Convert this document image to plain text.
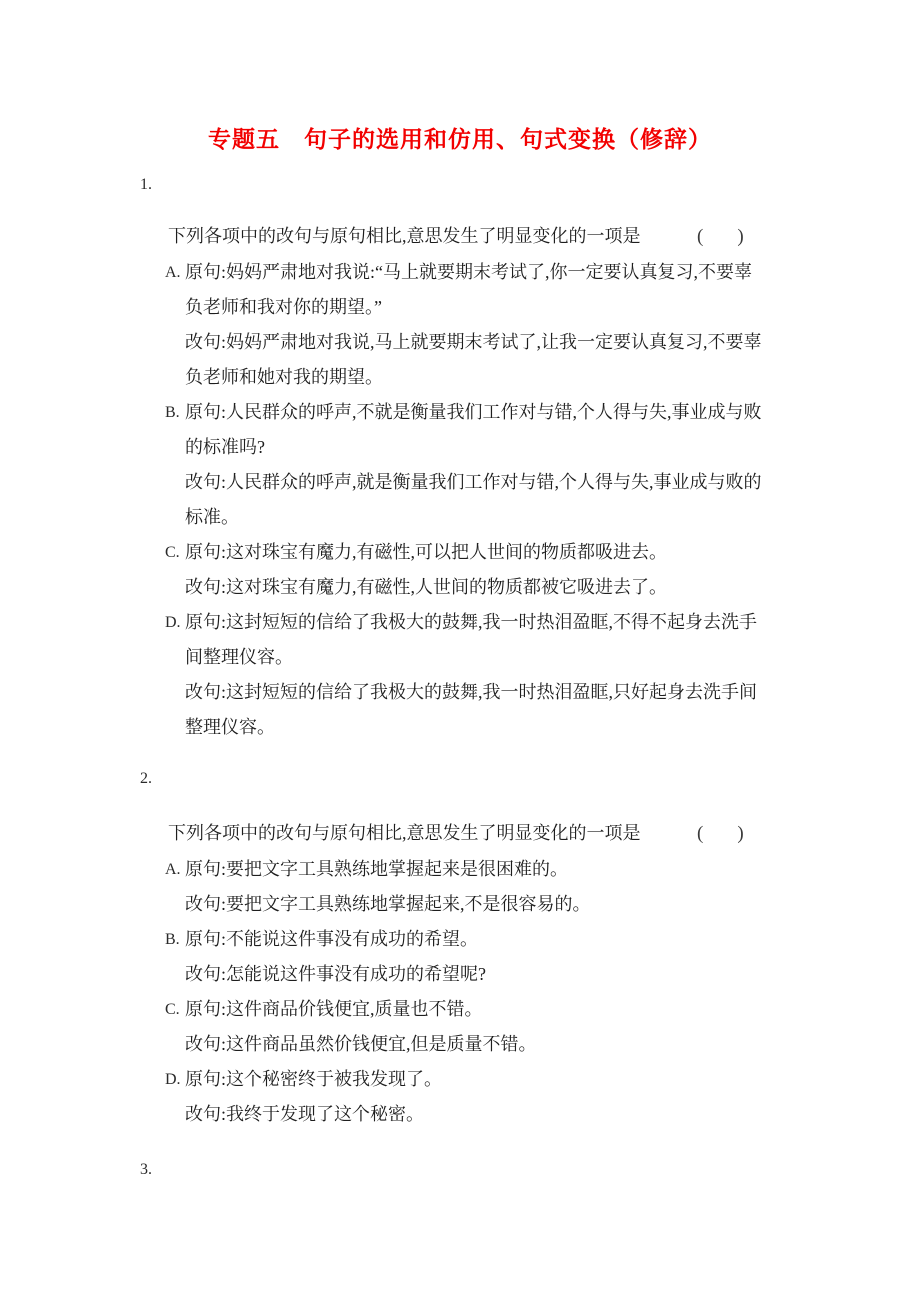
专题五　句子的选用和仿用、句式变换（修辞）
1.
下列各项中的改句与原句相比,意思发生了明显变化的一项是	( )
A. 原句:妈妈严肃地对我说:“马上就要期末考试了,你一定要认真复习,不要辜
负老师和我对你的期望。”
改句:妈妈严肃地对我说,马上就要期末考试了,让我一定要认真复习,不要辜
负老师和她对我的期望。
B. 原句:人民群众的呼声,不就是衡量我们工作对与错,个人得与失,事业成与败
的标准吗?
改句:人民群众的呼声,就是衡量我们工作对与错,个人得与失,事业成与败的
标准。
C. 原句:这对珠宝有魔力,有磁性,可以把人世间的物质都吸进去。
改句:这对珠宝有魔力,有磁性,人世间的物质都被它吸进去了。
D. 原句:这封短短的信给了我极大的鼓舞,我一时热泪盈眶,不得不起身去洗手
间整理仪容。
改句:这封短短的信给了我极大的鼓舞,我一时热泪盈眶,只好起身去洗手间
整理仪容。
2.
下列各项中的改句与原句相比,意思发生了明显变化的一项是	( )
A. 原句:要把文字工具熟练地掌握起来是很困难的。
改句:要把文字工具熟练地掌握起来,不是很容易的。
B. 原句:不能说这件事没有成功的希望。
改句:怎能说这件事没有成功的希望呢?
C. 原句:这件商品价钱便宜,质量也不错。
改句:这件商品虽然价钱便宜,但是质量不错。
D. 原句:这个秘密终于被我发现了。
改句:我终于发现了这个秘密。
3.
